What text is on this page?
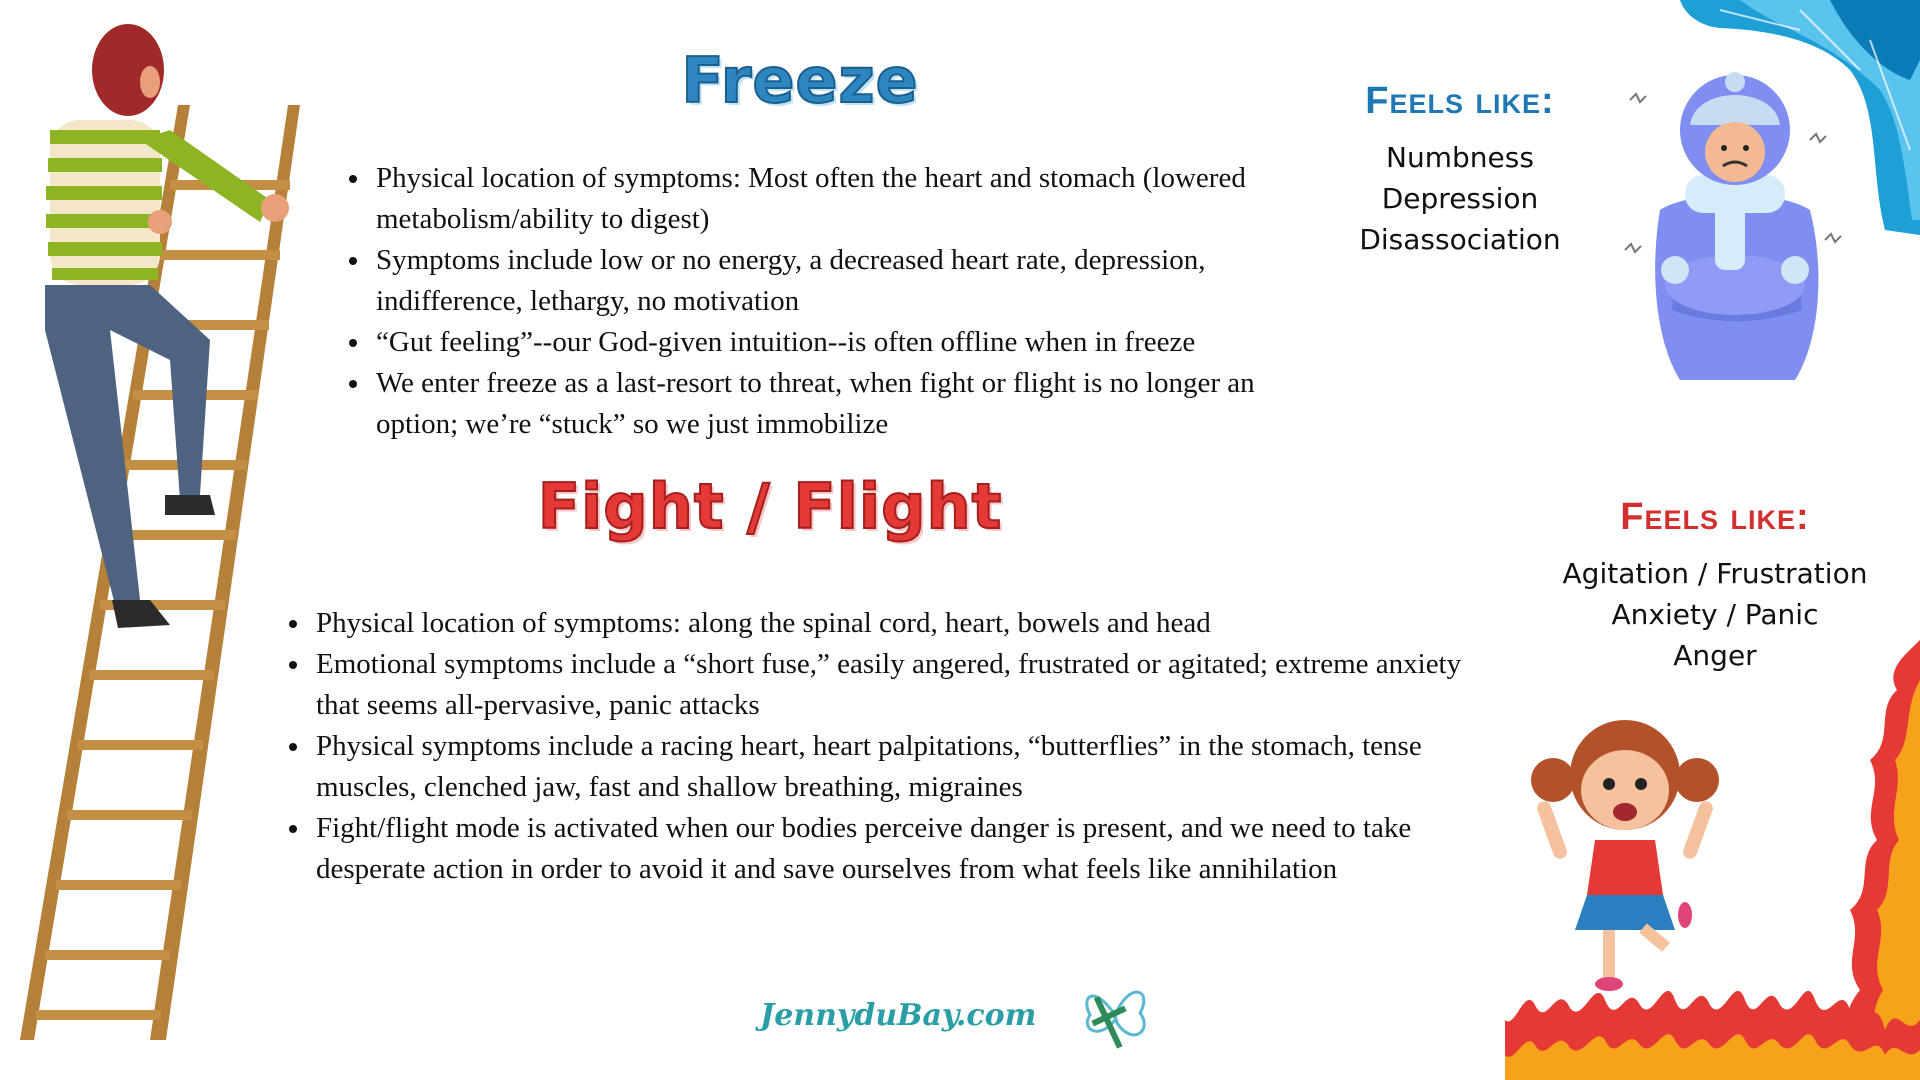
Freeze
• Physical location of symptoms: Most often the heart and stomach (lowered metabolism/ability to digest)
• Symptoms include low or no energy, a decreased heart rate, depression, indifference, lethargy, no motivation
• “Gut feeling”--our God-given intuition--is often offline when in freeze
• We enter freeze as a last-resort to threat, when fight or flight is no longer an option; we’re “stuck” so we just immobilize
Fight / Flight
• Physical location of symptoms: along the spinal cord, heart, bowels and head
• Emotional symptoms include a “short fuse,” easily angered, frustrated or agitated; extreme anxiety that seems all-pervasive, panic attacks
• Physical symptoms include a racing heart, heart palpitations, “butterflies” in the stomach, tense muscles, clenched jaw, fast and shallow breathing, migraines
• Fight/flight mode is activated when our bodies perceive danger is present, and we need to take desperate action in order to avoid it and save ourselves from what feels like annihilation
Feels like:
Numbness
Depression
Disassociation
Feels like:
Agitation / Frustration
Anxiety / Panic
Anger
JennyduBay.com
